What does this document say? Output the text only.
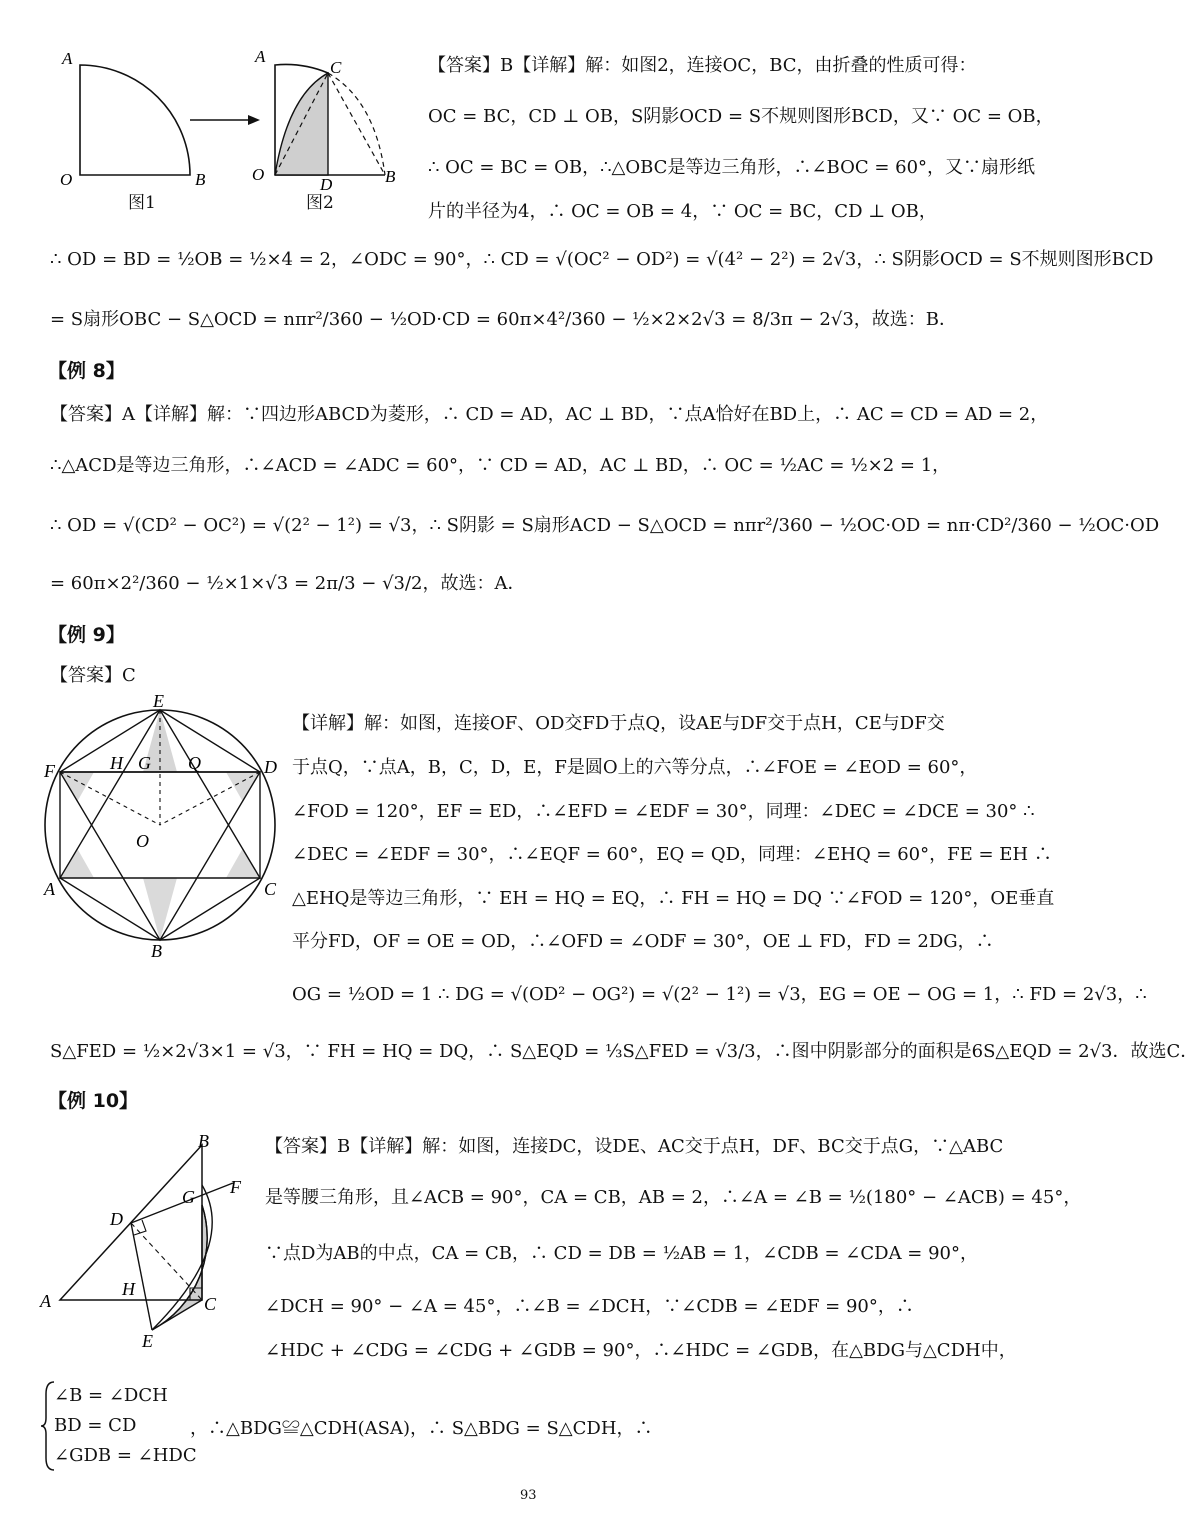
A
O	B
A
C
O
D	B
图1	图2
【答案】B【详解】解：如图2，连接OC，BC，由折叠的性质可得：
OC = BC，CD ⊥ OB，S阴影OCD = S不规则图形BCD，又∵ OC = OB，
∴ OC = BC = OB，∴△OBC是等边三角形，∴∠BOC = 60°，又∵扇形纸
片的半径为4，∴ OC = OB = 4，∵ OC = BC，CD ⊥ OB，
∴ OD = BD = ½OB = ½×4 = 2，∠ODC = 90°，∴ CD = √(OC² − OD²) = √(4² − 2²) = 2√3，∴ S阴影OCD = S不规则图形BCD
= S扇形OBC − S△OCD = nπr²/360 − ½OD·CD = 60π×4²/360 − ½×2×2√3 = 8/3π − 2√3，故选：B．
【例 8】
【答案】A【详解】解：∵四边形ABCD为菱形，∴ CD = AD，AC ⊥ BD，∵点A恰好在BD上，∴ AC = CD = AD = 2，
∴△ACD是等边三角形，∴∠ACD = ∠ADC = 60°，∵ CD = AD，AC ⊥ BD，∴ OC = ½AC = ½×2 = 1，
∴ OD = √(CD² − OC²) = √(2² − 1²) = √3，∴ S阴影 = S扇形ACD − S△OCD = nπr²/360 − ½OC·OD = nπ·CD²/360 − ½OC·OD
= 60π×2²/360 − ½×1×√3 = 2π/3 − √3/2，故选：A．
【例 9】
【答案】C
E
F	H G Q	D
O
A	C
B
【详解】解：如图，连接OF、OD交FD于点Q，设AE与DF交于点H，CE与DF交
于点Q，∵点A，B，C，D，E，F是圆O上的六等分点，∴∠FOE = ∠EOD = 60°，
∠FOD = 120°，EF = ED，∴∠EFD = ∠EDF = 30°，同理：∠DEC = ∠DCE = 30° ∴
∠DEC = ∠EDF = 30°，∴∠EQF = 60°，EQ = QD，同理：∠EHQ = 60°，FE = EH ∴
△EHQ是等边三角形，∵ EH = HQ = EQ，∴ FH = HQ = DQ ∵∠FOD = 120°，OE垂直
平分FD，OF = OE = OD，∴∠OFD = ∠ODF = 30°，OE ⊥ FD，FD = 2DG，∴
OG = ½OD = 1 ∴ DG = √(OD² − OG²) = √(2² − 1²) = √3，EG = OE − OG = 1，∴ FD = 2√3，∴
S△FED = ½×2√3×1 = √3，∵ FH = HQ = DQ，∴ S△EQD = ⅓S△FED = √3/3，∴图中阴影部分的面积是6S△EQD = 2√3．故选C．
【例 10】
B
G F
D
H
A	C
E
【答案】B【详解】解：如图，连接DC，设DE、AC交于点H，DF、BC交于点G，∵△ABC
是等腰三角形，且∠ACB = 90°，CA = CB，AB = 2，∴∠A = ∠B = ½(180° − ∠ACB) = 45°，
∵点D为AB的中点，CA = CB，∴ CD = DB = ½AB = 1，∠CDB = ∠CDA = 90°，
∠DCH = 90° − ∠A = 45°，∴∠B = ∠DCH，∵∠CDB = ∠EDF = 90°，∴
∠HDC + ∠CDG = ∠CDG + ∠GDB = 90°，∴∠HDC = ∠GDB，在△BDG与△CDH中，
∠B = ∠DCH
BD = CD
∠GDB = ∠HDC
，∴△BDG≌△CDH(ASA)，∴ S△BDG = S△CDH，∴
93
